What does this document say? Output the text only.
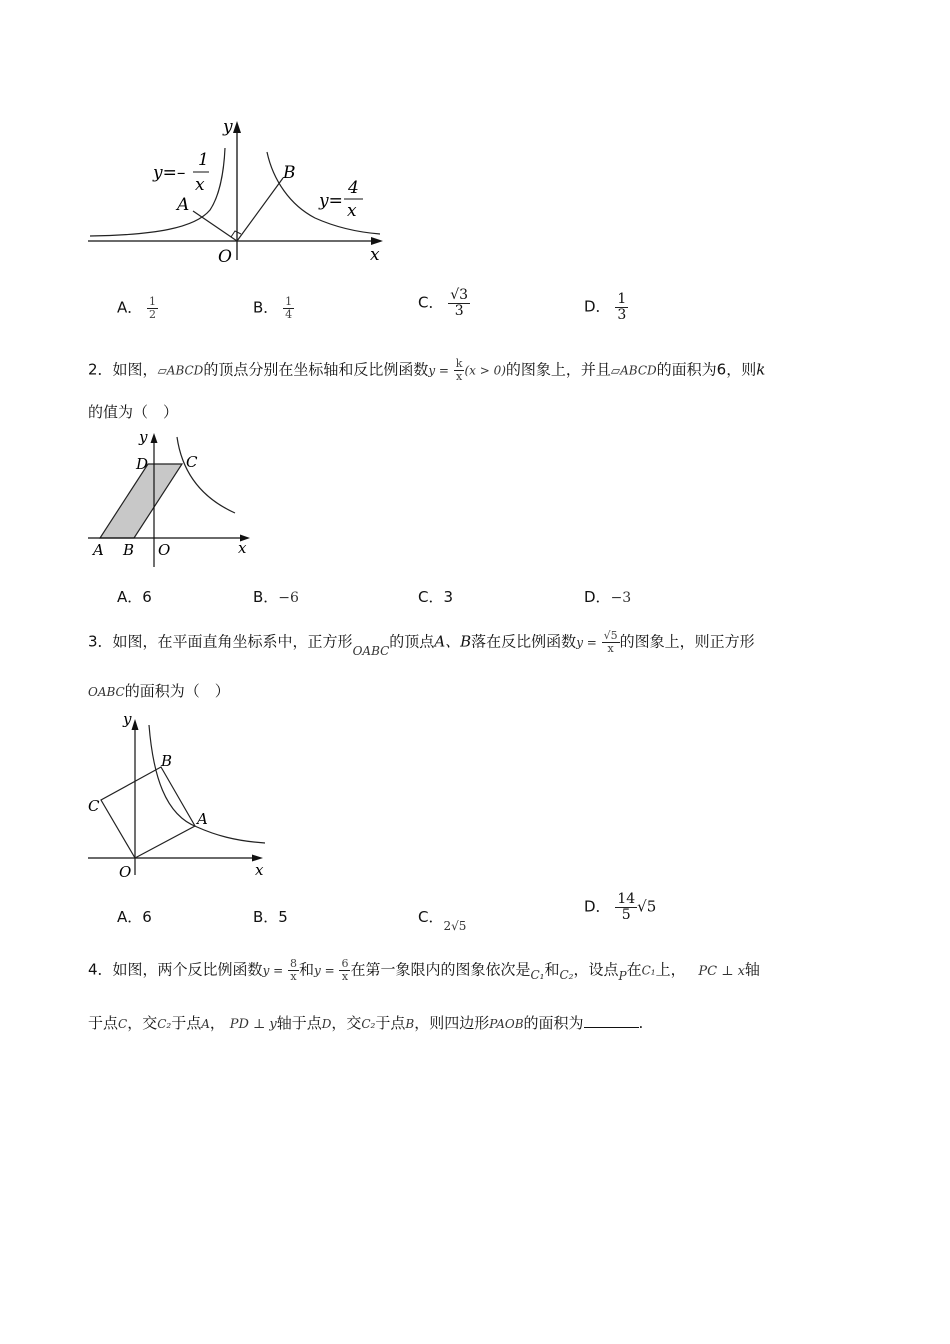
y
x
O
A
B
y=–
1
x
y=
4
x
A． $\frac{1}{2}$	B． $\frac{1}{4}$	C． $\frac{√3}{3}$	D． $\frac{1}{3}$
2．如图，▱ABCD的顶点分别在坐标轴和反比例函数$y = \frac{k}{x} (x > 0)$的图象上，并且▱ABCD的面积为6，则k
的值为（　）
y
x
A B O
C
D
A．6	B．−6	C．3	D．−3
3．如图，在平面直角坐标系中，正方形$_{OABC}$的顶点A、B落在反比例函数$y = \frac{√5}{x}$ 的图象上，则正方形
OABC的面积为（　）
y
x
O
A
B
C
A．6	B．5	C．$_{2√5}$
D． $\frac{14}{5} √5$
4．如图，两个反比例函数$y = \frac{8}{x}$ 和$y = \frac{6}{x}$ 在第一象限内的图象依次是$_{C_1}$和$_{C_2}$，设点$_P$在C₁上， PC ⊥ x轴
于点C，交C₂于点A， PD ⊥ y轴于点D，交C₂于点B，则四边形PAOB的面积为	.
